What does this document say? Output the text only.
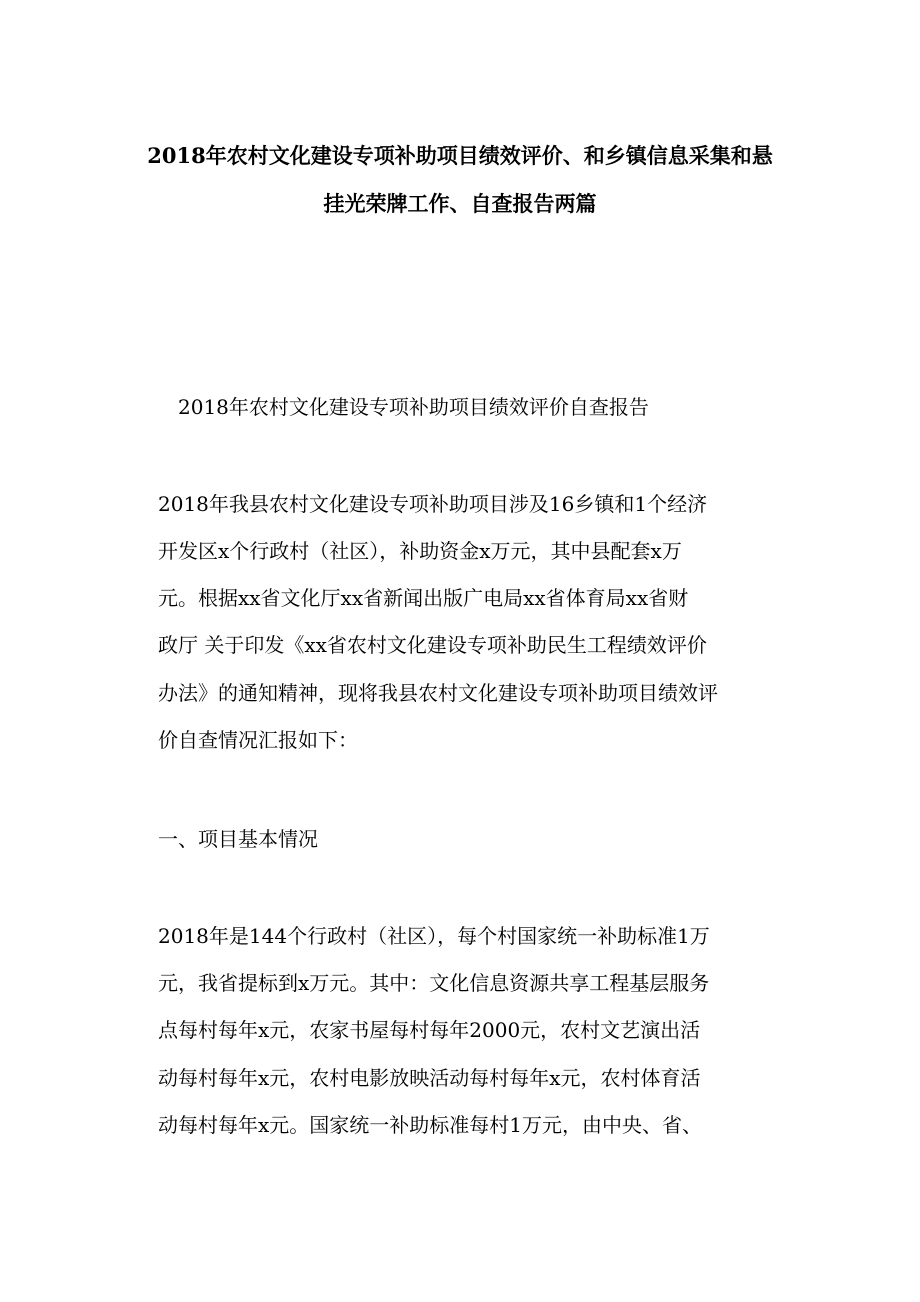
2018年农村文化建设专项补助项目绩效评价、和乡镇信息采集和悬
挂光荣牌工作、自查报告两篇
2018年农村文化建设专项补助项目绩效评价自查报告
2018年我县农村文化建设专项补助项目涉及16乡镇和1个经济
开发区x个行政村（社区），补助资金x万元，其中县配套x万
元。根据xx省文化厅xx省新闻出版广电局xx省体育局xx省财
政厅 关于印发《xx省农村文化建设专项补助民生工程绩效评价
办法》的通知精神，现将我县农村文化建设专项补助项目绩效评
价自查情况汇报如下：
一、项目基本情况
2018年是144个行政村（社区），每个村国家统一补助标准1万
元，我省提标到x万元。其中：文化信息资源共享工程基层服务
点每村每年x元，农家书屋每村每年2000元，农村文艺演出活
动每村每年x元，农村电影放映活动每村每年x元，农村体育活
动每村每年x元。国家统一补助标准每村1万元，由中央、省、
